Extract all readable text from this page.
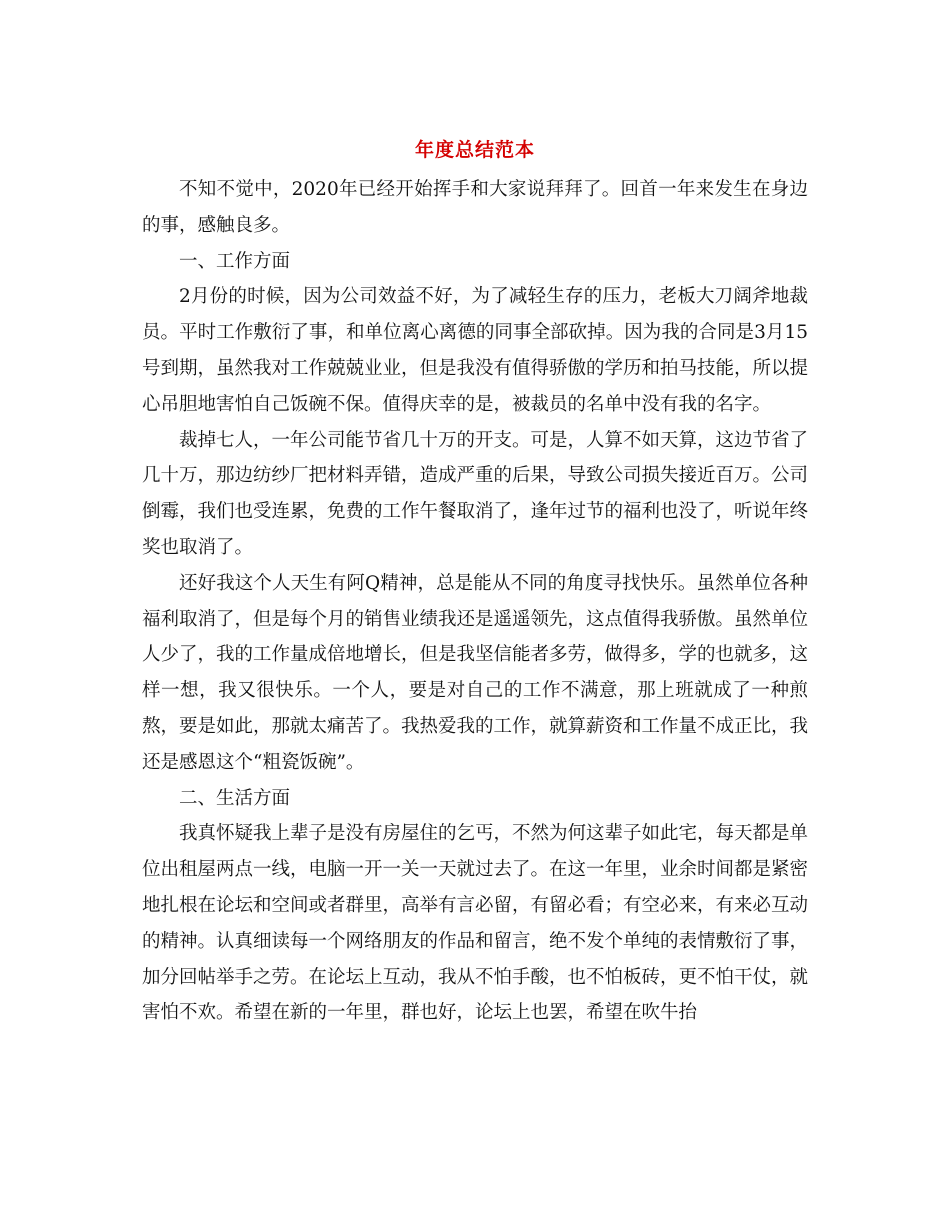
年度总结范本

不知不觉中，2020年已经开始挥手和大家说拜拜了。回首一年来发生在身边的事，感触良多。

一、工作方面

2月份的时候，因为公司效益不好，为了减轻生存的压力，老板大刀阔斧地裁员。平时工作敷衍了事，和单位离心离德的同事全部砍掉。因为我的合同是3月15号到期，虽然我对工作兢兢业业，但是我没有值得骄傲的学历和拍马技能，所以提心吊胆地害怕自己饭碗不保。值得庆幸的是，被裁员的名单中没有我的名字。

裁掉七人，一年公司能节省几十万的开支。可是，人算不如天算，这边节省了几十万，那边纺纱厂把材料弄错，造成严重的后果，导致公司损失接近百万。公司倒霉，我们也受连累，免费的工作午餐取消了，逢年过节的福利也没了，听说年终奖也取消了。

还好我这个人天生有阿Q精神，总是能从不同的角度寻找快乐。虽然单位各种福利取消了，但是每个月的销售业绩我还是遥遥领先，这点值得我骄傲。虽然单位人少了，我的工作量成倍地增长，但是我坚信能者多劳，做得多，学的也就多，这样一想，我又很快乐。一个人，要是对自己的工作不满意，那上班就成了一种煎熬，要是如此，那就太痛苦了。我热爱我的工作，就算薪资和工作量不成正比，我还是感恩这个“粗瓷饭碗”。

二、生活方面

我真怀疑我上辈子是没有房屋住的乞丐，不然为何这辈子如此宅，每天都是单位出租屋两点一线，电脑一开一关一天就过去了。在这一年里，业余时间都是紧密地扎根在论坛和空间或者群里，高举有言必留，有留必看；有空必来，有来必互动的精神。认真细读每一个网络朋友的作品和留言，绝不发个单纯的表情敷衍了事，加分回帖举手之劳。在论坛上互动，我从不怕手酸，也不怕板砖，更不怕干仗，就害怕不欢。希望在新的一年里，群也好，论坛上也罢，希望在吹牛抬
